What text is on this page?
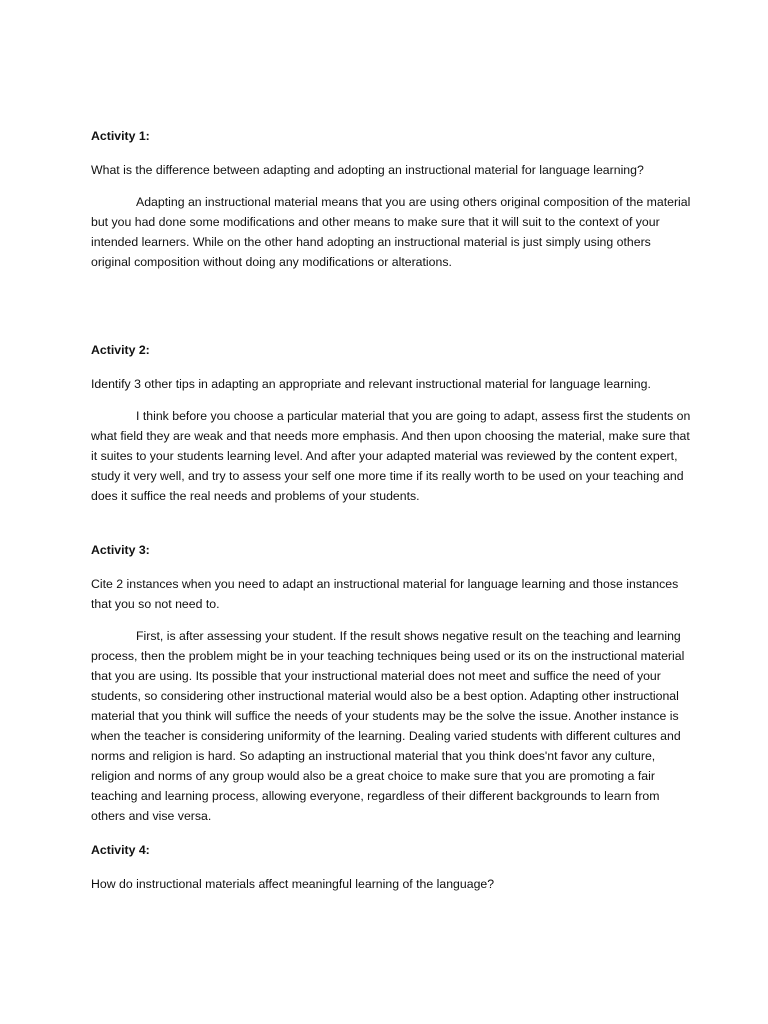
Activity 1:

What is the difference between adapting and adopting an instructional material for language learning?

Adapting an instructional material means that you are using others original composition of the material but you had done some modifications and other means to make sure that it will suit to the context of your intended learners. While on the other hand adopting an instructional material is just simply using others original composition without doing any modifications or alterations.

Activity 2:

Identify 3 other tips in adapting an appropriate and relevant instructional material for language learning.

I think before you choose a particular material that you are going to adapt, assess first the students on what field they are weak and that needs more emphasis. And then upon choosing the material, make sure that it suites to your students learning level. And after your adapted material was reviewed by the content expert, study it very well, and try to assess your self one more time if its really worth to be used on your teaching and does it suffice the real needs and problems of your students.

Activity 3:

Cite 2 instances when you need to adapt an instructional material for language learning and those instances that you so not need to.

First, is after assessing your student. If the result shows negative result on the teaching and learning process, then the problem might be in your teaching techniques being used or its on the instructional material that you are using. Its possible that your instructional material does not meet and suffice the need of your students, so considering other instructional material would also be a best option. Adapting other instructional material that you think will suffice the needs of your students may be the solve the issue. Another instance is when the teacher is considering uniformity of the learning. Dealing varied students with different cultures and norms and religion is hard. So adapting an instructional material that you think does'nt favor any culture, religion and norms of any group would also be a great choice to make sure that you are promoting a fair teaching and learning process, allowing everyone, regardless of their different backgrounds to learn from others and vise versa.

Activity 4:

How do instructional materials affect meaningful learning of the language?
